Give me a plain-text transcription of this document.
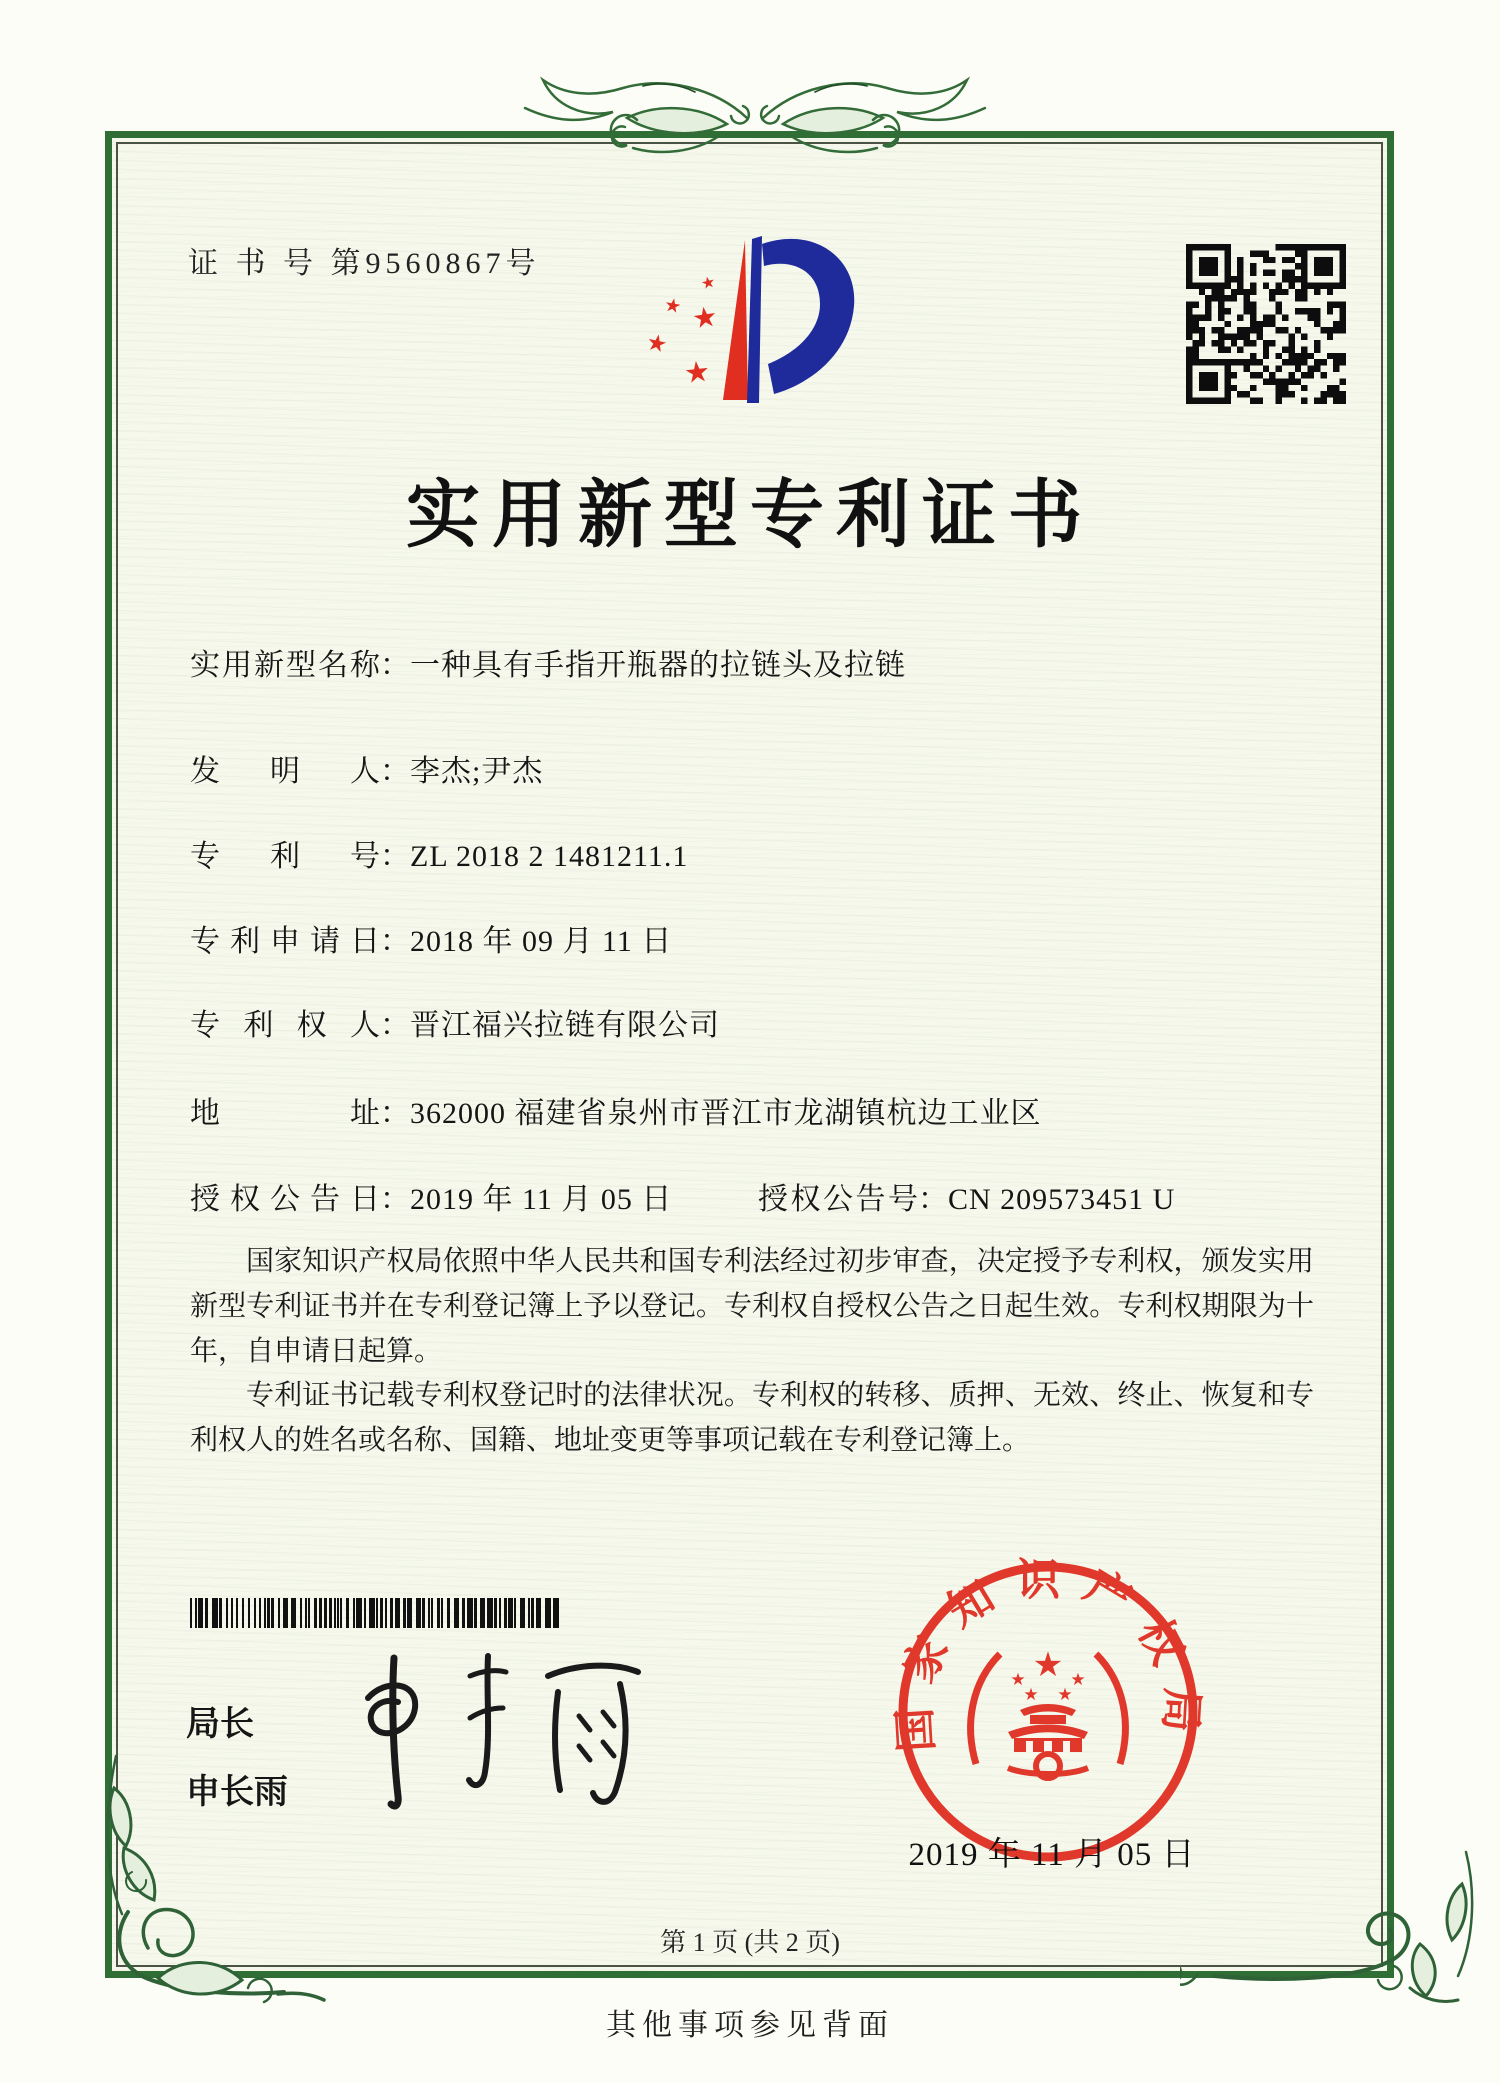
证 书 号 第9560867号
★
★ ★
★
★
实用新型专利证书
实用新型名称：一种具有手指开瓶器的拉链头及拉链
发明人：李杰;尹杰
专利号：ZL 2018 2 1481211.1
专利申请日：2018 年 09 月 11 日
专利权人：晋江福兴拉链有限公司
地址：362000 福建省泉州市晋江市龙湖镇杭边工业区
授权公告日：2019 年 11 月 05 日	授权公告号：CN 209573451 U
国家知识产权局依照中华人民共和国专利法经过初步审查，决定授予专利权，颁发实用新型专利证书并在专利登记簿上予以登记。专利权自授权公告之日起生效。专利权期限为十年，自申请日起算。
专利证书记载专利权登记时的法律状况。专利权的转移、质押、无效、终止、恢复和专利权人的姓名或名称、国籍、地址变更等事项记载在专利登记簿上。
局长
申长雨
国家知识产权局
★
★	★
★ ★
2019 年 11 月 05 日
第 1 页 (共 2 页)
其他事项参见背面
